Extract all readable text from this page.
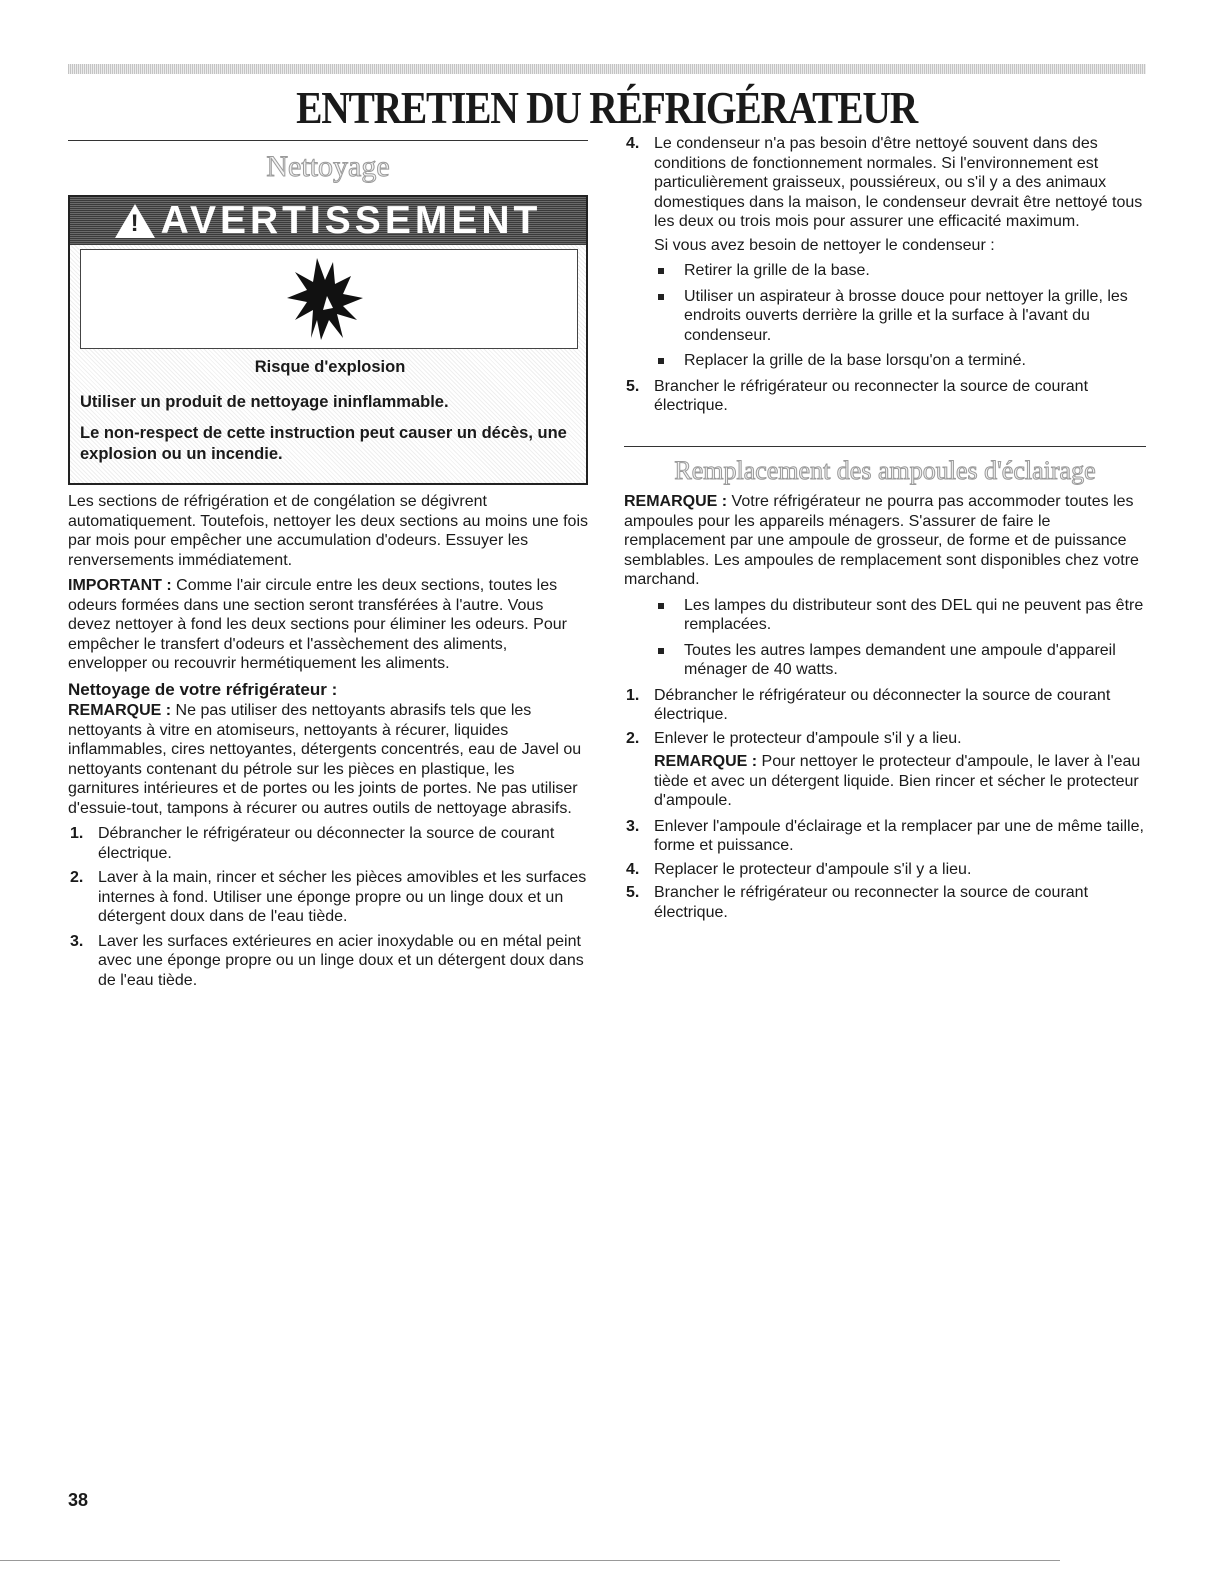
ENTRETIEN DU RÉFRIGÉRATEUR
Nettoyage
! AVERTISSEMENT

Risque d'explosion

Utiliser un produit de nettoyage ininflammable.

Le non-respect de cette instruction peut causer un décès, une explosion ou un incendie.

Les sections de réfrigération et de congélation se dégivrent automatiquement. Toutefois, nettoyer les deux sections au moins une fois par mois pour empêcher une accumulation d'odeurs. Essuyer les renversements immédiatement.

IMPORTANT : Comme l'air circule entre les deux sections, toutes les odeurs formées dans une section seront transférées à l'autre. Vous devez nettoyer à fond les deux sections pour éliminer les odeurs. Pour empêcher le transfert d'odeurs et l'assèchement des aliments, envelopper ou recouvrir hermétiquement les aliments.

Nettoyage de votre réfrigérateur :

REMARQUE : Ne pas utiliser des nettoyants abrasifs tels que les nettoyants à vitre en atomiseurs, nettoyants à récurer, liquides inflammables, cires nettoyantes, détergents concentrés, eau de Javel ou nettoyants contenant du pétrole sur les pièces en plastique, les garnitures intérieures et de portes ou les joints de portes. Ne pas utiliser d'essuie-tout, tampons à récurer ou autres outils de nettoyage abrasifs.

1. Débrancher le réfrigérateur ou déconnecter la source de courant électrique.
2. Laver à la main, rincer et sécher les pièces amovibles et les surfaces internes à fond. Utiliser une éponge propre ou un linge doux et un détergent doux dans de l'eau tiède.
3. Laver les surfaces extérieures en acier inoxydable ou en métal peint avec une éponge propre ou un linge doux et un détergent doux dans de l'eau tiède.
4. Le condenseur n'a pas besoin d'être nettoyé souvent dans des conditions de fonctionnement normales. Si l'environnement est particulièrement graisseux, poussiéreux, ou s'il y a des animaux domestiques dans la maison, le condenseur devrait être nettoyé tous les deux ou trois mois pour assurer une efficacité maximum.

Si vous avez besoin de nettoyer le condenseur :

Retirer la grille de la base.
Utiliser un aspirateur à brosse douce pour nettoyer la grille, les endroits ouverts derrière la grille et la surface à l'avant du condenseur.
Replacer la grille de la base lorsqu'on a terminé.
5. Brancher le réfrigérateur ou reconnecter la source de courant électrique.
Remplacement des ampoules d'éclairage

REMARQUE : Votre réfrigérateur ne pourra pas accommoder toutes les ampoules pour les appareils ménagers. S'assurer de faire le remplacement par une ampoule de grosseur, de forme et de puissance semblables. Les ampoules de remplacement sont disponibles chez votre marchand.

Les lampes du distributeur sont des DEL qui ne peuvent pas être remplacées.
Toutes les autres lampes demandent une ampoule d'appareil ménager de 40 watts.
1. Débrancher le réfrigérateur ou déconnecter la source de courant électrique.
2. Enlever le protecteur d'ampoule s'il y a lieu.

REMARQUE : Pour nettoyer le protecteur d'ampoule, le laver à l'eau tiède et avec un détergent liquide. Bien rincer et sécher le protecteur d'ampoule.

3. Enlever l'ampoule d'éclairage et la remplacer par une de même taille, forme et puissance.
4. Replacer le protecteur d'ampoule s'il y a lieu.
5. Brancher le réfrigérateur ou reconnecter la source de courant électrique.

38
